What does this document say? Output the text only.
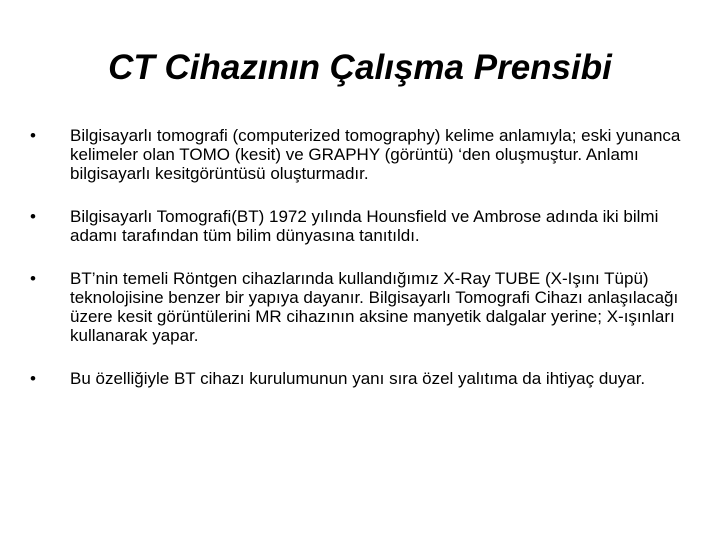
CT Cihazının Çalışma Prensibi
•	Bilgisayarlı tomografi (computerized tomography) kelime anlamıyla; eski yunanca kelimeler olan TOMO (kesit) ve GRAPHY (görüntü) ‘den oluşmuştur. Anlamı bilgisayarlı kesitgörüntüsü oluşturmadır.
•	Bilgisayarlı Tomografi(BT) 1972 yılında Hounsfield ve Ambrose adında iki bilmi adamı tarafından tüm bilim dünyasına tanıtıldı.
•	BT’nin temeli Röntgen cihazlarında kullandığımız X-Ray TUBE (X-Işını Tüpü) teknolojisine benzer bir yapıya dayanır. Bilgisayarlı Tomografi Cihazı anlaşılacağı üzere kesit görüntülerini MR cihazının aksine manyetik dalgalar yerine; X-ışınları kullanarak yapar.
•	Bu özelliğiyle BT cihazı kurulumunun yanı sıra özel yalıtıma da ihtiyaç duyar.
